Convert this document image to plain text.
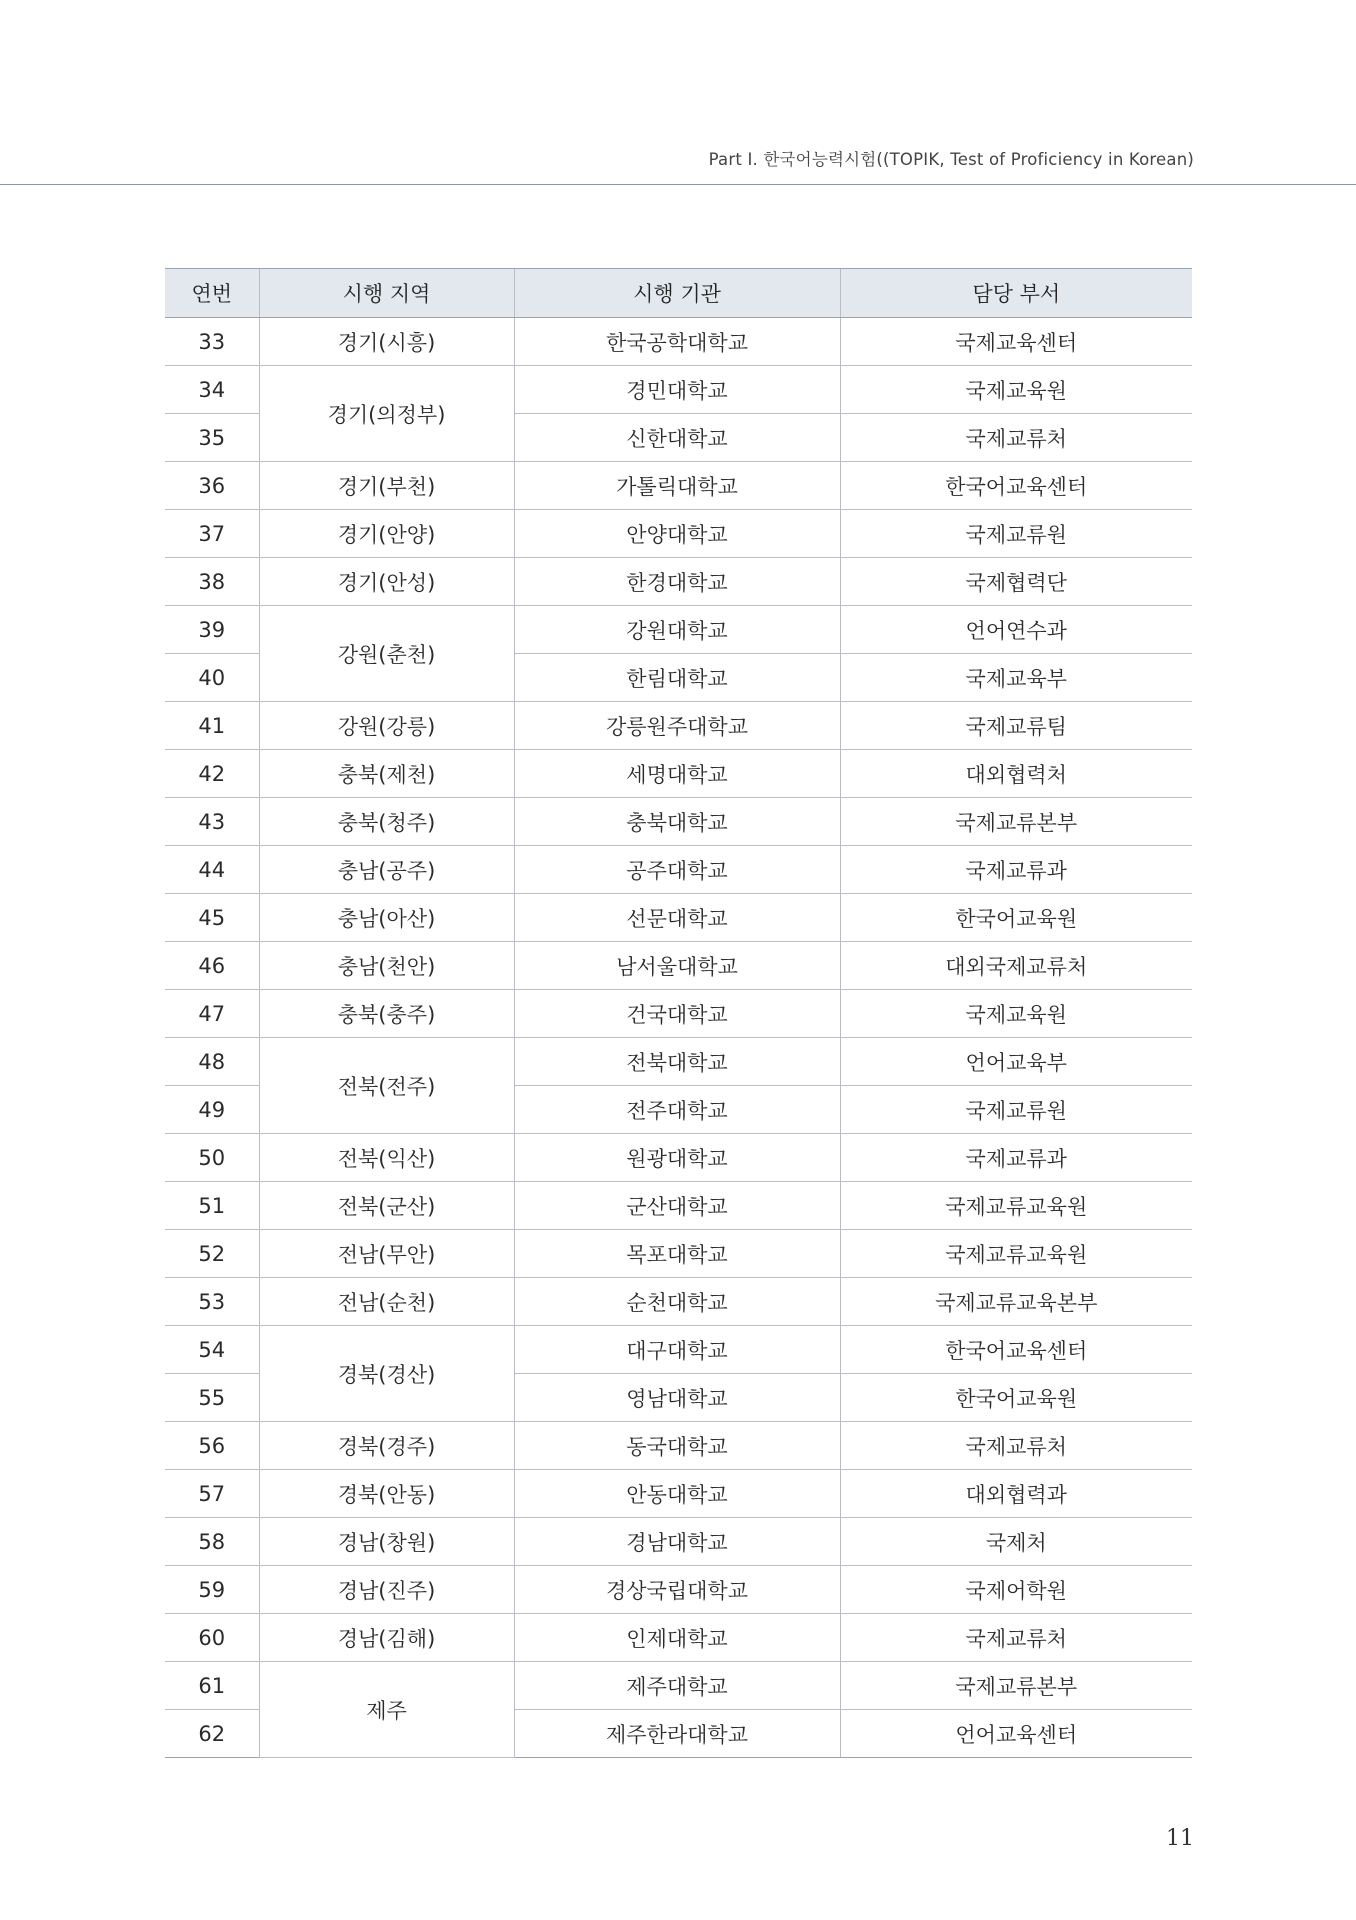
Part Ⅰ. 한국어능력시험((TOPIK, Test of Proficiency in Korean)
연번	시행 지역	시행 기관	담당 부서
33	경기(시흥)	한국공학대학교	국제교육센터
34	경기(의정부)	경민대학교	국제교육원
35		신한대학교	국제교류처
36	경기(부천)	가톨릭대학교	한국어교육센터
37	경기(안양)	안양대학교	국제교류원
38	경기(안성)	한경대학교	국제협력단
39	강원(춘천)	강원대학교	언어연수과
40		한림대학교	국제교육부
41	강원(강릉)	강릉원주대학교	국제교류팀
42	충북(제천)	세명대학교	대외협력처
43	충북(청주)	충북대학교	국제교류본부
44	충남(공주)	공주대학교	국제교류과
45	충남(아산)	선문대학교	한국어교육원
46	충남(천안)	남서울대학교	대외국제교류처
47	충북(충주)	건국대학교	국제교육원
48	전북(전주)	전북대학교	언어교육부
49		전주대학교	국제교류원
50	전북(익산)	원광대학교	국제교류과
51	전북(군산)	군산대학교	국제교류교육원
52	전남(무안)	목포대학교	국제교류교육원
53	전남(순천)	순천대학교	국제교류교육본부
54	경북(경산)	대구대학교	한국어교육센터
55		영남대학교	한국어교육원
56	경북(경주)	동국대학교	국제교류처
57	경북(안동)	안동대학교	대외협력과
58	경남(창원)	경남대학교	국제처
59	경남(진주)	경상국립대학교	국제어학원
60	경남(김해)	인제대학교	국제교류처
61	제주	제주대학교	국제교류본부
62		제주한라대학교	언어교육센터
11
